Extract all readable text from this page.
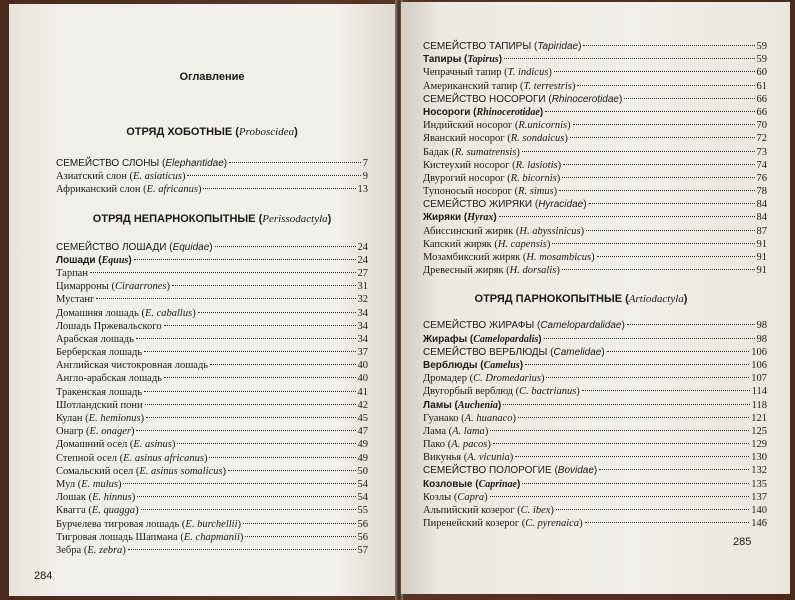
Оглавление
ОТРЯД ХОБОТНЫЕ (Proboscidea)
СЕМЕЙСТВО СЛОНЫ (Elephantidae)	7
Азиатский слон (E. asiaticus)	9
Африканский слон (E. africanus)	13
ОТРЯД НЕПАРНОКОПЫТНЫЕ (Perissodactyla)
СЕМЕЙСТВО ЛОШАДИ (Equidae)	24
Лошади (Equus)	24
Тарпан	27
Цимарроны (Ciraarrones)	31
Мустанг	32
Домашняя лошадь (E. caballus)	34
Лошадь Пржевальского	34
Арабская лошадь	34
Берберская лошадь	37
Английская чистокровная лошадь	40
Англо-арабская лошадь	40
Тракенская лошадь	41
Шотландский пони	42
Кулан (E. hemionus)	45
Онагр (E. onager)	47
Домашний осел (E. asinus)	49
Степной осел (E. asinus africanus)	49
Сомальский осел (E. asinus somalicus)	50
Мул (E. mulus)	54
Лошак (E. hinnus)	54
Квагга (E. quagga)	55
Бурчелева тигровая лошадь (E. burchellii)	56
Тигровая лошадь Шапмана (E. chapmanii)	56
Зебра (E. zebra)	57
284
СЕМЕЙСТВО ТАПИРЫ (Tapiridae)	59
Тапиры (Tapirus)	59
Чепрачный тапир (T. indicus)	60
Американский тапир (T. terrestris)	61
СЕМЕЙСТВО НОСОРОГИ (Rhinocerotidae)	66
Носороги (Rhinocerotidae)	66
Индийский носорог (R.unicornis)	70
Яванский носорог (R. sondaicus)	72
Бадак (R. sumatrensis)	73
Кистеухий носорог (R. lasiotis)	74
Двурогий носорог (R. bicornis)	76
Тупоносый носорог (R. simus)	78
СЕМЕЙСТВО ЖИРЯКИ (Hyracidae)	84
Жиряки (Hyrax)	84
Абиссинский жиряк (H. abyssinicus)	87
Капский жиряк (H. capensis)	91
Мозамбикский жиряк (H. mosambicus)	91
Древесный жиряк (H. dorsalis)	91
ОТРЯД ПАРНОКОПЫТНЫЕ (Artiodactyla)
СЕМЕЙСТВО ЖИРАФЫ (Camelopardalidae)	98
Жирафы (Camelopardalis)	98
СЕМЕЙСТВО ВЕРБЛЮДЫ (Camelidae)	106
Верблюды (Camelus)	106
Дромадер (C. Dromedarius)	107
Двугорбый верблюд (C. bactrianus)	114
Ламы (Auchenia)	118
Гуанако (A. huanaco)	121
Лама (A. lama)	125
Пако (A. pacos)	129
Викунья (A. vicunia)	130
СЕМЕЙСТВО ПОЛОРОГИЕ (Bovidae)	132
Козловые (Caprinae)	135
Козлы (Capra)	137
Альпийский козерог (C. ibex)	140
Пиренейский козерог (C. pyrenaica)	146
285
